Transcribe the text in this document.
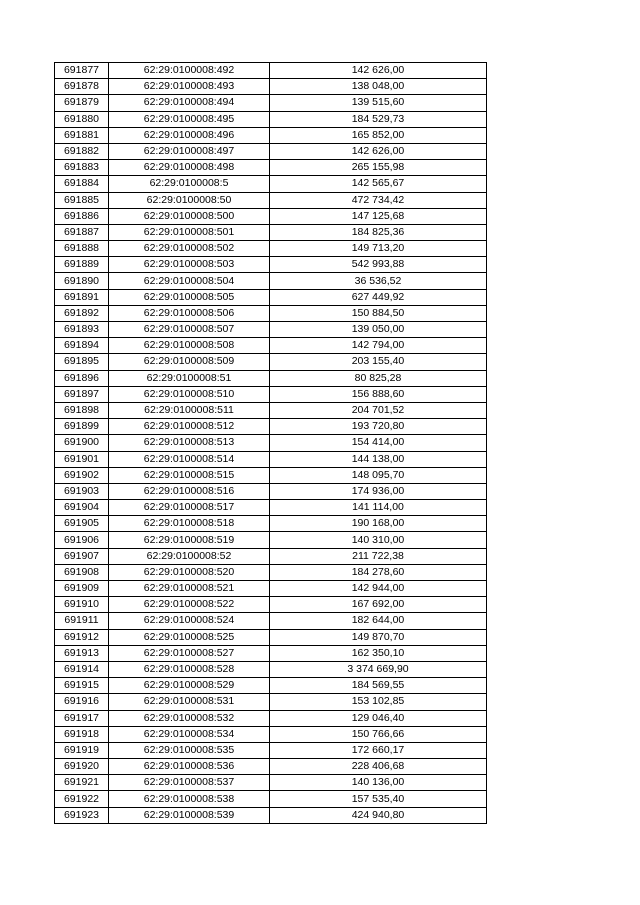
691877	62:29:0100008:492	142 626,00
691878	62:29:0100008:493	138 048,00
691879	62:29:0100008:494	139 515,60
691880	62:29:0100008:495	184 529,73
691881	62:29:0100008:496	165 852,00
691882	62:29:0100008:497	142 626,00
691883	62:29:0100008:498	265 155,98
691884	62:29:0100008:5	142 565,67
691885	62:29:0100008:50	472 734,42
691886	62:29:0100008:500	147 125,68
691887	62:29:0100008:501	184 825,36
691888	62:29:0100008:502	149 713,20
691889	62:29:0100008:503	542 993,88
691890	62:29:0100008:504	36 536,52
691891	62:29:0100008:505	627 449,92
691892	62:29:0100008:506	150 884,50
691893	62:29:0100008:507	139 050,00
691894	62:29:0100008:508	142 794,00
691895	62:29:0100008:509	203 155,40
691896	62:29:0100008:51	80 825,28
691897	62:29:0100008:510	156 888,60
691898	62:29:0100008:511	204 701,52
691899	62:29:0100008:512	193 720,80
691900	62:29:0100008:513	154 414,00
691901	62:29:0100008:514	144 138,00
691902	62:29:0100008:515	148 095,70
691903	62:29:0100008:516	174 936,00
691904	62:29:0100008:517	141 114,00
691905	62:29:0100008:518	190 168,00
691906	62:29:0100008:519	140 310,00
691907	62:29:0100008:52	211 722,38
691908	62:29:0100008:520	184 278,60
691909	62:29:0100008:521	142 944,00
691910	62:29:0100008:522	167 692,00
691911	62:29:0100008:524	182 644,00
691912	62:29:0100008:525	149 870,70
691913	62:29:0100008:527	162 350,10
691914	62:29:0100008:528	3 374 669,90
691915	62:29:0100008:529	184 569,55
691916	62:29:0100008:531	153 102,85
691917	62:29:0100008:532	129 046,40
691918	62:29:0100008:534	150 766,66
691919	62:29:0100008:535	172 660,17
691920	62:29:0100008:536	228 406,68
691921	62:29:0100008:537	140 136,00
691922	62:29:0100008:538	157 535,40
691923	62:29:0100008:539	424 940,80
